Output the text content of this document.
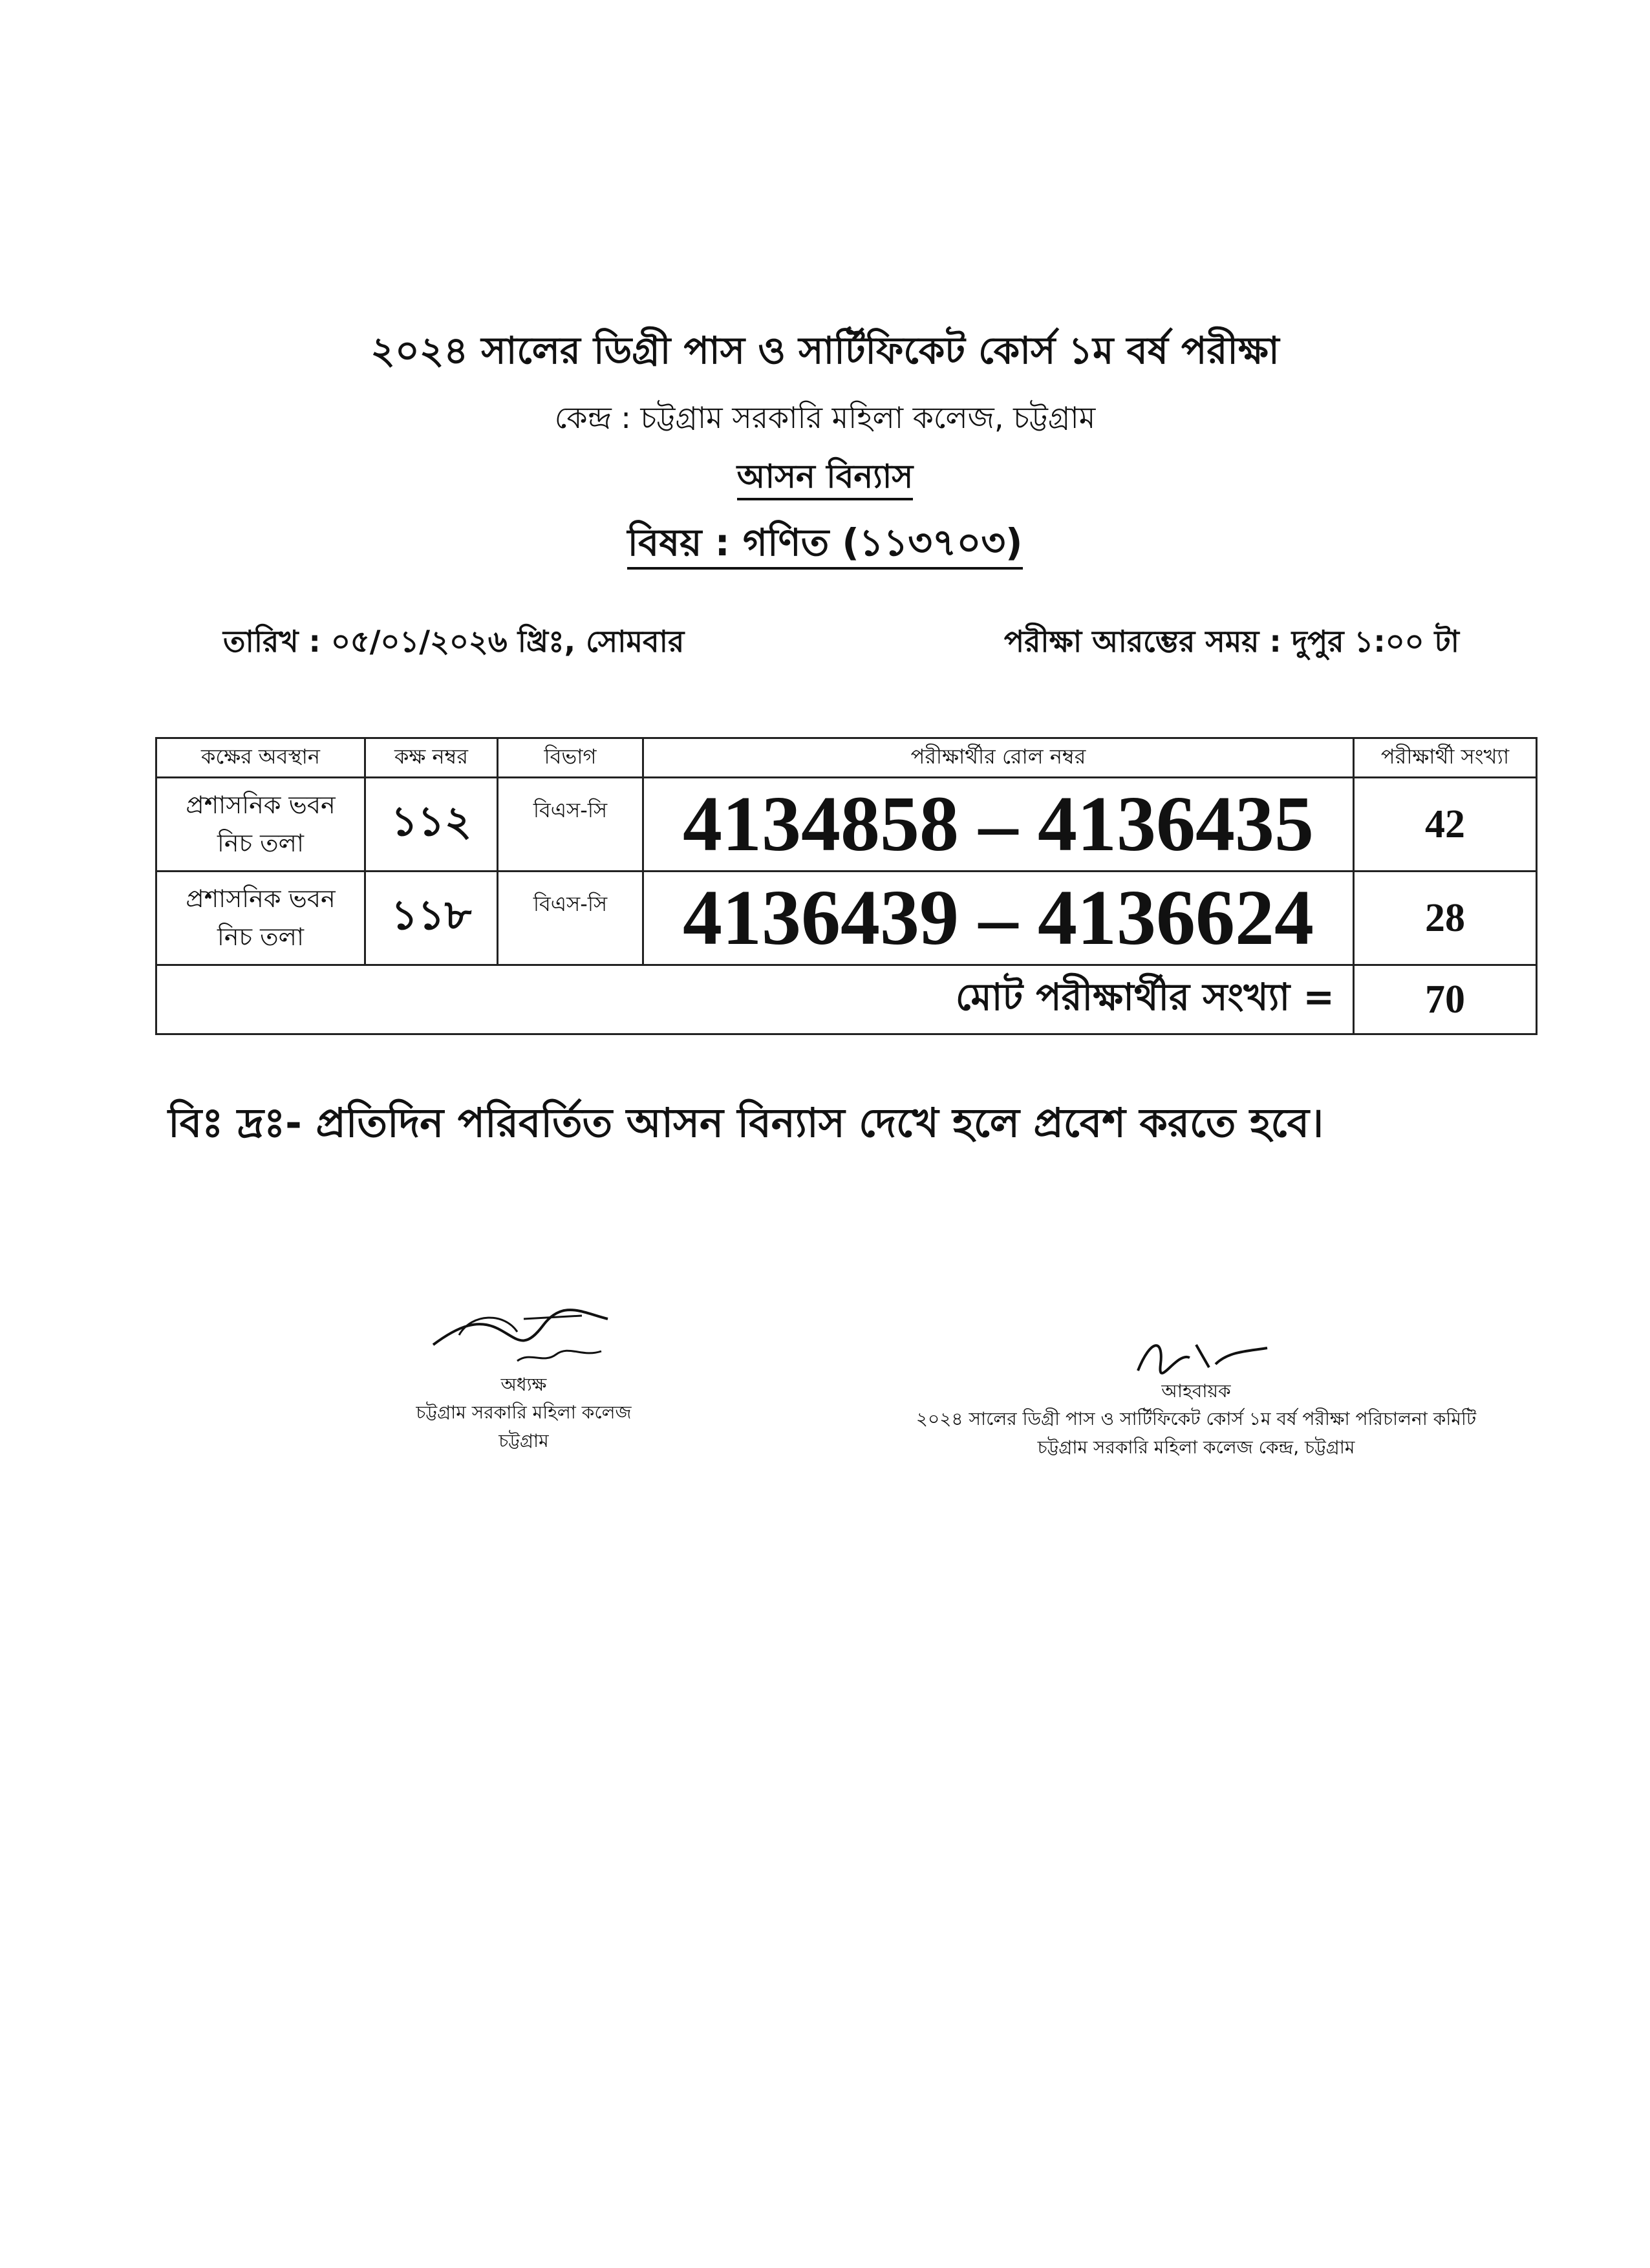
২০২৪ সালের ডিগ্রী পাস ও সার্টিফিকেট কোর্স ১ম বর্ষ পরীক্ষা
কেন্দ্র : চট্টগ্রাম সরকারি মহিলা কলেজ, চট্টগ্রাম
আসন বিন্যাস
বিষয় : গণিত (১১৩৭০৩)
তারিখ : ০৫/০১/২০২৬ খ্রিঃ, সোমবার	পরীক্ষা আরম্ভের সময় : দুপুর ১:০০ টা
কক্ষের অবস্থান	কক্ষ নম্বর	বিভাগ	পরীক্ষার্থীর রোল নম্বর	পরীক্ষার্থী সংখ্যা

প্রশাসনিক ভবন
নিচ তলা	১১২	বিএস-সি	4134858 – 4136435	42

প্রশাসনিক ভবন
নিচ তলা	১১৮	বিএস-সি	4136439 – 4136624	28
মোট পরীক্ষার্থীর সংখ্যা =				70
বিঃ দ্রঃ- প্রতিদিন পরিবর্তিত আসন বিন্যাস দেখে হলে প্রবেশ করতে হবে।
অধ্যক্ষ
চট্টগ্রাম সরকারি মহিলা কলেজ
চট্টগ্রাম
আহবায়ক
২০২৪ সালের ডিগ্রী পাস ও সার্টিফিকেট কোর্স ১ম বর্ষ পরীক্ষা পরিচালনা কমিটি
চট্টগ্রাম সরকারি মহিলা কলেজ কেন্দ্র, চট্টগ্রাম
